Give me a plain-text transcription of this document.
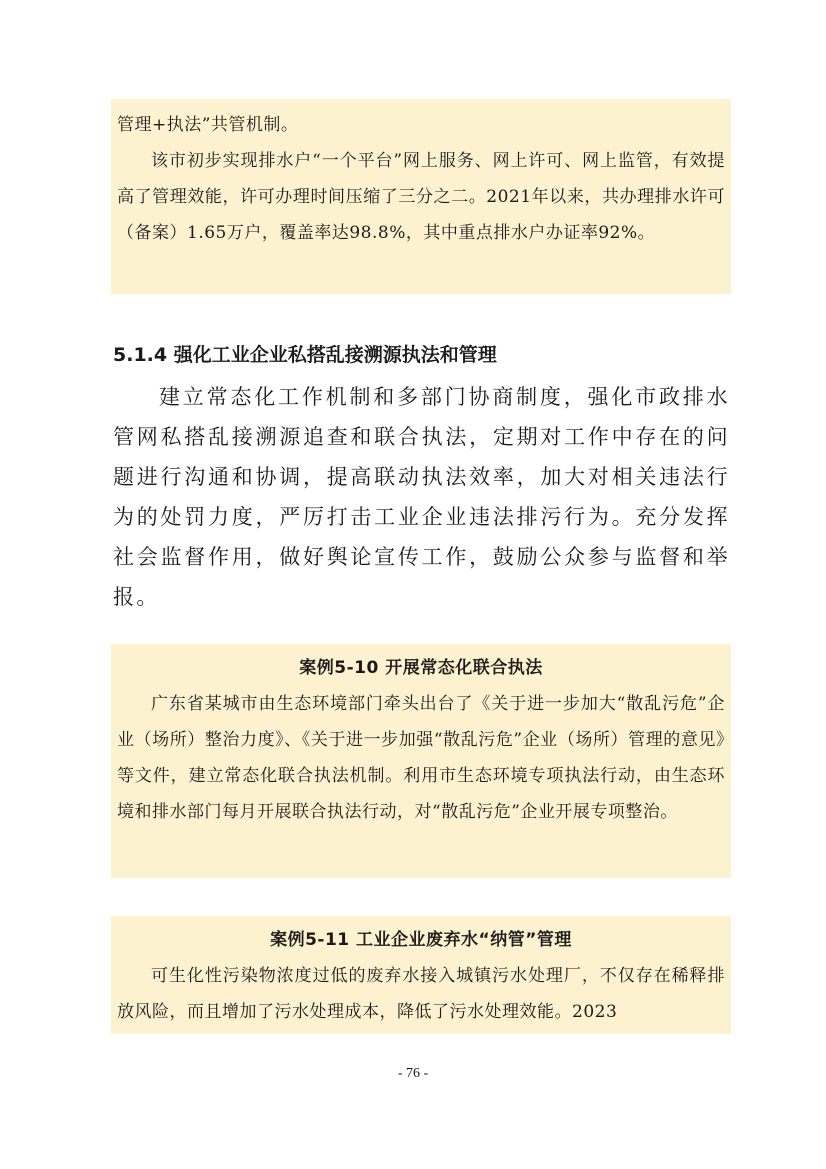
管理+执法”共管机制。

该市初步实现排水户“一个平台”网上服务、网上许可、网上监管，有效提高了管理效能，许可办理时间压缩了三分之二。2021年以来，共办理排水许可（备案）1.65万户，覆盖率达98.8%，其中重点排水户办证率92%。

5.1.4 强化工业企业私搭乱接溯源执法和管理

建立常态化工作机制和多部门协商制度，强化市政排水管网私搭乱接溯源追查和联合执法，定期对工作中存在的问题进行沟通和协调，提高联动执法效率，加大对相关违法行为的处罚力度，严厉打击工业企业违法排污行为。充分发挥社会监督作用，做好舆论宣传工作，鼓励公众参与监督和举报。

案例5-10 开展常态化联合执法

广东省某城市由生态环境部门牵头出台了《关于进一步加大“散乱污危”企业（场所）整治力度》、《关于进一步加强“散乱污危”企业（场所）管理的意见》等文件，建立常态化联合执法机制。利用市生态环境专项执法行动，由生态环境和排水部门每月开展联合执法行动，对“散乱污危”企业开展专项整治。

案例5-11 工业企业废弃水“纳管”管理

可生化性污染物浓度过低的废弃水接入城镇污水处理厂，不仅存在稀释排放风险，而且增加了污水处理成本，降低了污水处理效能。2023

- 76 -
